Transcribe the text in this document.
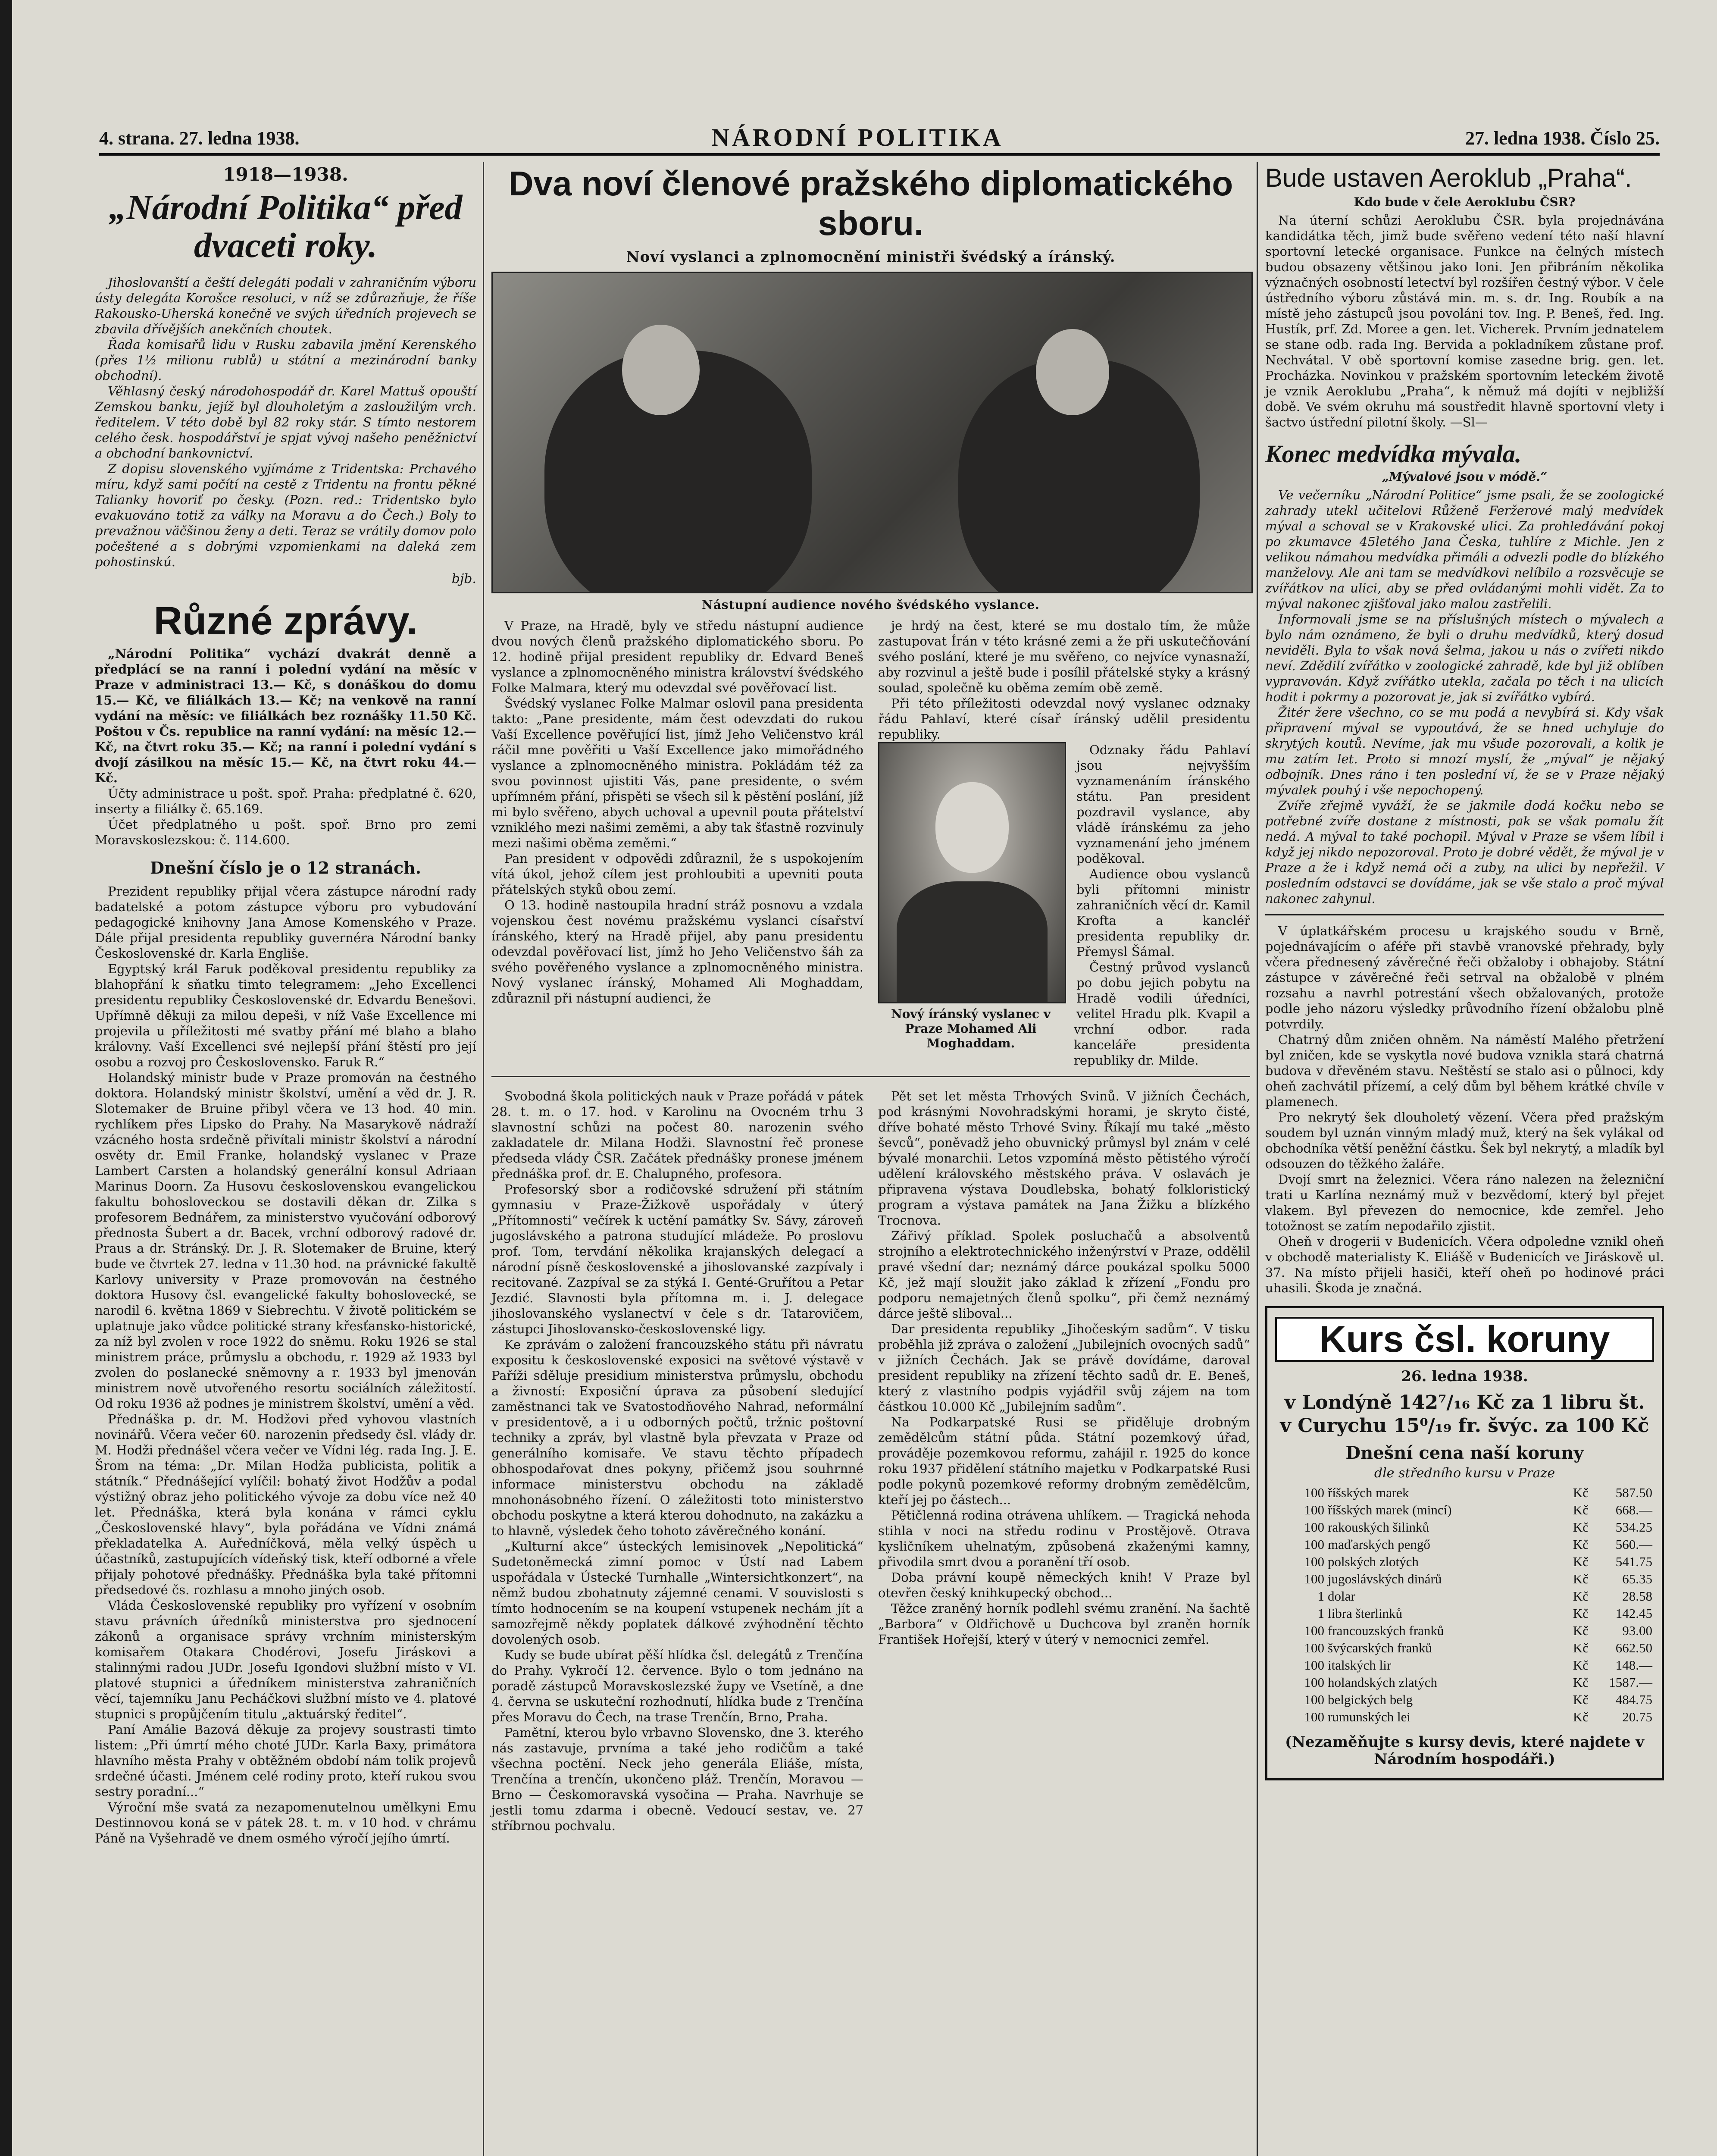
4. strana. 27. ledna 1938.	NÁRODNÍ POLITIKA	27. ledna 1938. Číslo 25.
1918—1938.
„Národní Politika“ před dvaceti roky.

Jihoslovanští a čeští delegáti podali v zahraničním výboru ústy delegáta Korošce resoluci, v níž se zdůrazňuje, že říše Rakousko-Uherská konečně ve svých úředních projevech se zbavila dřívějších anekčních choutek.

Řada komisařů lidu v Rusku zabavila jmění Kerenského (přes 1½ milionu rublů) u státní a mezinárodní banky obchodní).

Věhlasný český národohospodář dr. Karel Mattuš opouští Zemskou banku, jejíž byl dlouholetým a zasloužilým vrch. ředitelem. V této době byl 82 roky stár. S tímto nestorem celého česk. hospodářství je spjat vývoj našeho peněžnictví a obchodní bankovnictví.

Z dopisu slovenského vyjímáme z Tridentska: Prchavého míru, když sami počítí na cestě z Tridentu na frontu pěkné Talianky hovoriť po česky. (Pozn. red.: Tridentsko bylo evakuováno totiž za války na Moravu a do Čech.) Boly to prevažnou väčšinou ženy a deti. Teraz se vrátily domov polo počeštené a s dobrými vzpomienkami na daleká zem pohostinskú.

bjb.
Různé zprávy.

„Národní Politika“ vychází dvakrát denně a předplácí se na ranní i polední vydání na měsíc v Praze v administraci 13.— Kč, s donáškou do domu 15.— Kč, ve filiálkách 13.— Kč; na venkově na ranní vydání na měsíc: ve filiálkách bez roznášky 11.50 Kč. Poštou v Čs. republice na ranní vydání: na měsíc 12.— Kč, na čtvrt roku 35.— Kč; na ranní i polední vydání s dvojí zásilkou na měsíc 15.— Kč, na čtvrt roku 44.— Kč.

Účty administrace u pošt. spoř. Praha: předplatné č. 620, inserty a filiálky č. 65.169.

Účet předplatného u pošt. spoř. Brno pro zemi Moravskoslezskou: č. 114.600.

Dnešní číslo je o 12 stranách.

Prezident republiky přijal včera zástupce národní rady badatelské a potom zástupce výboru pro vybudování pedagogické knihovny Jana Amose Komenského v Praze. Dále přijal presidenta republiky guvernéra Národní banky Československé dr. Karla Engliše.

Egyptský král Faruk poděkoval presidentu republiky za blahopřání k sňatku timto telegramem: „Jeho Excellenci presidentu republiky Československé dr. Edvardu Benešovi. Upřímně děkuji za milou depeši, v níž Vaše Excellence mi projevila u příležitosti mé svatby přání mé blaho a blaho královny. Vaší Excellenci své nejlepší přání štěstí pro její osobu a rozvoj pro Československo. Faruk R.“

Holandský ministr bude v Praze promován na čestného doktora. Holandský ministr školství, umění a věd dr. J. R. Slotemaker de Bruine přibyl včera ve 13 hod. 40 min. rychlíkem přes Lipsko do Prahy. Na Masarykově nádraží vzácného hosta srdečně přivítali ministr školství a národní osvěty dr. Emil Franke, holandský vyslanec v Praze Lambert Carsten a holandský generální konsul Adriaan Marinus Doorn. Za Husovu československou evangelickou fakultu bohosloveckou se dostavili děkan dr. Zilka s profesorem Bednářem, za ministerstvo vyučování odborový přednosta Šubert a dr. Bacek, vrchní odborový radové dr. Praus a dr. Stránský. Dr. J. R. Slotemaker de Bruine, který bude ve čtvrtek 27. ledna v 11.30 hod. na právnické fakultě Karlovy university v Praze promovován na čestného doktora Husovy čsl. evangelické fakulty bohoslovecké, se narodil 6. května 1869 v Siebrechtu. V životě politickém se uplatnuje jako vůdce politické strany křesťansko-historické, za níž byl zvolen v roce 1922 do sněmu. Roku 1926 se stal ministrem práce, průmyslu a obchodu, r. 1929 až 1933 byl zvolen do poslanecké sněmovny a r. 1933 byl jmenován ministrem nově utvořeného resortu sociálních záležitostí. Od roku 1936 až podnes je ministrem školství, umění a věd.

Přednáška p. dr. M. Hodžovi před vyhovou vlastních novinářů. Včera večer 60. narozenin předsedy čsl. vlády dr. M. Hodži přednášel včera večer ve Vídni lég. rada Ing. J. E. Šrom na téma: „Dr. Milan Hodža publicista, politik a státník.“ Přednášející vylíčil: bohatý život Hodžův a podal výstižný obraz jeho politického vývoje za dobu více než 40 let. Přednáška, která byla konána v rámci cyklu „Československé hlavy“, byla pořádána ve Vídni známá překladatelka A. Auředníčková, měla velký úspěch u účastníků, zastupujících vídeňský tisk, kteří odborné a vřele přijaly pohotové přednášky. Přednáška byla také přítomni předsedové čs. rozhlasu a mnoho jiných osob.

Vláda Československé republiky pro vyřízení v osobním stavu právních úředníků ministerstva pro sjednocení zákonů a organisace správy vrchním ministerským komisařem Otakara Chodérovi, Josefu Jiráskovi a stalinnými radou JUDr. Josefu Igondovi službní místo v VI. platové stupnici a úředníkem ministerstva zahraničních věcí, tajemníku Janu Pecháčkovi službní místo ve 4. platové stupnici s propůjčením titulu „aktuárský ředitel“.

Paní Amálie Bazová děkuje za projevy soustrasti timto listem: „Při úmrtí mého choté JUDr. Karla Baxy, primátora hlavního města Prahy v obtěžném období nám tolik projevů srdečné účasti. Jménem celé rodiny proto, kteří rukou svou sestry poradní...“

Výroční mše svatá za nezapomenutelnou umělkyni Emu Destinnovou koná se v pátek 28. t. m. v 10 hod. v chrámu Páně na Vyšehradě ve dnem osmého výročí jejího úmrtí.

Dva noví členové pražského diplomatického sboru.
Noví vyslanci a zplnomocnění ministři švédský a íránský.
Nástupní audience nového švédského vyslance.

V Praze, na Hradě, byly ve středu nástupní audience dvou nových členů pražského diplomatického sboru. Po 12. hodině přijal president republiky dr. Edvard Beneš vyslance a zplnomocněného ministra království švédského Folke Malmara, který mu odevzdal své pověřovací list.

Švédský vyslanec Folke Malmar oslovil pana presidenta takto: „Pane presidente, mám čest odevzdati do rukou Vaší Excellence pověřující list, jímž Jeho Veličenstvo král ráčil mne pověřiti u Vaší Excellence jako mimořádného vyslance a zplnomocněného ministra. Pokládám též za svou povinnost ujistiti Vás, pane presidente, o svém upřímném přání, přispěti se všech sil k pěstění poslání, jíž mi bylo svěřeno, abych uchoval a upevnil pouta přátelství vzniklého mezi našimi zeměmi, a aby tak šťastně rozvinuly mezi našimi oběma zeměmi.“

Pan president v odpovědi zdůraznil, že s uspokojením vítá úkol, jehož cílem jest prohloubiti a upevniti pouta přátelských styků obou zemí.

O 13. hodině nastoupila hradní stráž posnovu a vzdala vojenskou čest novému pražskému vyslanci císařství íránského, který na Hradě přijel, aby panu presidentu odevzdal pověřovací list, jímž ho Jeho Veličenstvo šáh za svého pověřeného vyslance a zplnomocněného ministra. Nový vyslanec íránský, Mohamed Ali Moghaddam, zdůraznil při nástupní audienci, že

je hrdý na čest, které se mu dostalo tím, že může zastupovat Írán v této krásné zemi a že při uskutečňování svého poslání, které je mu svěřeno, co nejvíce vynasnaží, aby rozvinul a ještě bude i posílil přátelské styky a krásný soulad, společně ku oběma zemím obě země.

Při této příležitosti odevzdal nový vyslanec odznaky řádu Pahlaví, které císař íránský udělil presidentu republiky.

Odznaky řádu Pahlaví jsou nejvyšším vyznamenáním íránského státu. Pan president pozdravil vyslance, aby vládě íránskému za jeho vyznamenání jeho jménem poděkoval.

Nový íránský vyslanec v Praze Mohamed Ali Moghaddam.

Audience obou vyslanců byli přítomni ministr zahraničních věcí dr. Kamil Krofta a kancléř presidenta republiky dr. Přemysl Šámal.

Čestný průvod vyslanců po dobu jejich pobytu na Hradě vodili úředníci, velitel Hradu plk. Kvapil a vrchní odbor. rada kanceláře presidenta republiky dr. Milde.

Svobodná škola politických nauk v Praze pořádá v pátek 28. t. m. o 17. hod. v Karolinu na Ovocném trhu 3 slavnostní schůzi na počest 80. narozenin svého zakladatele dr. Milana Hodži. Slavnostní řeč pronese předseda vlády ČSR. Začátek přednášky pronese jménem přednáška prof. dr. E. Chalupného, profesora.

Profesorský sbor a rodičovské sdružení při státním gymnasiu v Praze-Žižkově uspořádaly v úterý „Přítomnosti“ večírek k uctění památky Sv. Sávy, zároveň jugoslávského a patrona studující mládeže. Po proslovu prof. Tom, tervdání několika krajanských delegací a národní písně československé a jihoslovanské zazpívaly i recitované. Zazpíval se za stýká I. Genté-Gruřítou a Petar Jezdić. Slavnosti byla přítomna m. i. J. delegace jihoslovanského vyslanectví v čele s dr. Tatarovičem, zástupci Jihoslovansko-československé ligy.

Ke zprávám o založení francouzského státu při návratu expositu k československé exposici na světové výstavě v Paříži sděluje presidium ministerstva průmyslu, obchodu a živností: Exposiční úprava za působení sledující zaměstnanci tak ve Svatostodňového Nahrad, neformální v presidentově, a i u odborných počtů, tržnic poštovní techniky a zpráv, byl vlastně byla převzata v Praze od generálního komisaře. Ve stavu těchto případech obhospodařovat dnes pokyny, přičemž jsou souhrnné informace ministerstvu obchodu na základě mnohonásobného řízení. O záležitosti toto ministerstvo obchodu poskytne a která kterou dohodnuto, na zakázku a to hlavně, výsledek čeho tohoto závěrečného konání.

„Kulturní akce“ ústeckých lemisinovek „Nepolitická“ Sudetoněmecká zimní pomoc v Ústí nad Labem uspořádala v Ústecké Turnhalle „Wintersichtkonzert“, na němž budou zbohatnuty zájemné cenami. V souvislosti s tímto hodnocením se na koupení vstupenek nechám jít a samozřejmě někdy poplatek dálkové zvýhodnění těchto dovolených osob.

Kudy se bude ubírat pěší hlídka čsl. delegátů z Trenčína do Prahy. Vykročí 12. července. Bylo o tom jednáno na poradě zástupců Moravskoslezské župy ve Vsetíně, a dne 4. června se uskuteční rozhodnutí, hlídka bude z Trenčína přes Moravu do Čech, na trase Trenčín, Brno, Praha.

Pamětní, kterou bylo vrbavno Slovensko, dne 3. kterého nás zastavuje, prvníma a také jeho rodičům a také všechna poctění. Neck jeho generála Eliáše, místa, Trenčína a trenčín, ukončeno pláž. Trenčín, Moravou — Brno — Českomoravská vysočina — Praha. Navrhuje se jestli tomu zdarma i obecně. Vedoucí sestav, ve. 27 stříbrnou pochvalu.

Pět set let města Trhových Svinů. V jižních Čechách, pod krásnými Novohradskými horami, je skryto čisté, dříve bohaté město Trhové Sviny. Říkají mu také „město ševců“, poněvadž jeho obuvnický průmysl byl znám v celé bývalé monarchii. Letos vzpomíná město pětistého výročí udělení královského městského práva. V oslavách je připravena výstava Doudlebska, bohatý folkloristický program a výstava památek na Jana Žižku a blízkého Trocnova.

Zářivý příklad. Spolek posluchačů a absolventů strojního a elektrotechnického inženýrství v Praze, oddělil pravé všední dar; neznámý dárce poukázal spolku 5000 Kč, jež mají sloužit jako základ k zřízení „Fondu pro podporu nemajetných členů spolku“, při čemž neznámý dárce ještě sliboval...

Dar presidenta republiky „Jihočeským sadům“. V tisku proběhla již zpráva o založení „Jubilejních ovocných sadů“ v jižních Čechách. Jak se právě dovídáme, daroval president republiky na zřízení těchto sadů dr. E. Beneš, který z vlastního podpis vyjádřil svůj zájem na tom částkou 10.000 Kč „Jubilejním sadům“.

Na Podkarpatské Rusi se přiděluje drobným zemědělcům státní půda. Státní pozemkový úřad, prováděje pozemkovou reformu, zahájil r. 1925 do konce roku 1937 přidělení státního majetku v Podkarpatské Rusi podle pokynů pozemkové reformy drobným zemědělcům, kteří jej po částech...

Pětičlenná rodina otrávena uhlíkem. — Tragická nehoda stihla v noci na středu rodinu v Prostějově. Otrava kysličníkem uhelnatým, způsobená zkaženými kamny, přivodila smrt dvou a poranění tří osob.

Doba právní koupě německých knih! V Praze byl otevřen český knihkupecký obchod...

Těžce zraněný horník podlehl svému zranění. Na šachtě „Barbora“ v Oldřichově u Duchcova byl zraněn horník František Hořejší, který v úterý v nemocnici zemřel.

Bude ustaven Aeroklub „Praha“.
Kdo bude v čele Aeroklubu ČSR?

Na úterní schůzi Aeroklubu ČSR. byla projednávána kandidátka těch, jimž bude svěřeno vedení této naší hlavní sportovní letecké organisace. Funkce na čelných místech budou obsazeny většinou jako loni. Jen přibráním několika význačných osobností letectví byl rozšířen čestný výbor. V čele ústředního výboru zůstává min. m. s. dr. Ing. Roubík a na místě jeho zástupců jsou povoláni tov. Ing. P. Beneš, řed. Ing. Hustík, prf. Zd. Moree a gen. let. Vicherek. Prvním jednatelem se stane odb. rada Ing. Bervida a pokladníkem zůstane prof. Nechvátal. V obě sportovní komise zasedne brig. gen. let. Procházka. Novinkou v pražském sportovním leteckém životě je vznik Aeroklubu „Praha“, k němuž má dojíti v nejbližší době. Ve svém okruhu má soustředit hlavně sportovní vlety i šactvo ústřední pilotní školy. —Sl—

Konec medvídka mývala.
„Mývalové jsou v módě.“

Ve večerníku „Národní Politice“ jsme psali, že se zoologické zahrady utekl učitelovi Růženě Feržerové malý medvídek mýval a schoval se v Krakovské ulici. Za prohledávání pokoj po zkumavce 45letého Jana Česka, tuhlíre z Michle. Jen z velikou námahou medvídka přimáli a odvezli podle do blízkého manželovy. Ale ani tam se medvídkovi nelíbilo a rozsvěcuje se zvířátkov na ulici, aby se před ovládanými mohli vidět. Za to mýval nakonec zjišťoval jako malou zastřelili.

Informovali jsme se na příslušných místech o mývalech a bylo nám oznámeno, že byli o druhu medvídků, který dosud neviděli. Byla to však nová šelma, jakou u nás o zvířeti nikdo neví. Zdědilí zvířátko v zoologické zahradě, kde byl již oblíben vypravován. Když zvířátko utekla, začala po těch i na ulicích hodit i pokrmy a pozorovat je, jak si zvířátko vybírá.

Žitér žere všechno, co se mu podá a nevybírá si. Kdy však připravení mýval se vypoutává, že se hned uchyluje do skrytých koutů. Nevíme, jak mu všude pozorovali, a kolik je mu zatím let. Proto si mnozí myslí, že „mýval“ je nějaký odbojník. Dnes ráno i ten poslední ví, že se v Praze nějaký mývalek pouhý i vše nepochopený.

Zvíře zřejmě vyváží, že se jakmile dodá kočku nebo se potřebné zvíře dostane z místnosti, pak se však pomalu žít nedá. A mýval to také pochopil. Mýval v Praze se všem líbil i když jej nikdo nepozoroval. Proto je dobré vědět, že mýval je v Praze a že i když nemá oči a zuby, na ulici by nepřežil. V posledním odstavci se dovídáme, jak se vše stalo a proč mýval nakonec zahynul.

V úplatkářském procesu u krajského soudu v Brně, pojednávajícím o aféře při stavbě vranovské přehrady, byly včera přednesený závěrečné řeči obžaloby i obhajoby. Státní zástupce v závěrečné řeči setrval na obžalobě v plném rozsahu a navrhl potrestání všech obžalovaných, protože podle jeho názoru výsledky průvodního řízení obžalobu plně potvrdily.

Chatrný dům zničen ohněm. Na náměstí Malého přetržení byl zničen, kde se vyskytla nové budova vznikla stará chatrná budova v dřevěném stavu. Neštěstí se stalo asi o půlnoci, kdy oheň zachvátil přízemí, a celý dům byl během krátké chvíle v plamenech.

Pro nekrytý šek dlouholetý vězení. Včera před pražským soudem byl uznán vinným mladý muž, který na šek vylákal od obchodníka větší peněžní částku. Šek byl nekrytý, a mladík byl odsouzen do těžkého žaláře.

Dvojí smrt na železnici. Včera ráno nalezen na železniční trati u Karlína neznámý muž v bezvědomí, který byl přejet vlakem. Byl převezen do nemocnice, kde zemřel. Jeho totožnost se zatím nepodařilo zjistit.

Oheň v drogerii v Budenicích. Včera odpoledne vznikl oheň v obchodě materialisty K. Eliášě v Budenicích ve Jiráskově ul. 37. Na místo přijeli hasiči, kteří oheň po hodinové práci uhasili. Škoda je značná.

Kurs čsl. koruny
26. ledna 1938.
v Londýně 142⁷/₁₆ Kč za 1 libru št.
v Curychu 15⁰/₁₉ fr. švýc. za 100 Kč
Dnešní cena naší koruny
dle středního kursu v Praze
100	říšských marek	Kč	587.50
100	říšských marek (mincí)	Kč	668.—
100	rakouských šilinků	Kč	534.25
100	maďarských pengő	Kč	560.—
100	polských zlotých	Kč	541.75
100	jugoslávských dinárů	Kč	65.35
1	dolar	Kč	28.58
1	libra šterlinků	Kč	142.45
100	francouzských franků	Kč	93.00
100	švýcarských franků	Kč	662.50
100	italských lir	Kč	148.—
100	holandských zlatých	Kč	1587.—
100	belgických belg	Kč	484.75
100	rumunských lei	Kč	20.75
(Nezaměňujte s kursy devis, které najdete v Národním hospodáři.)
